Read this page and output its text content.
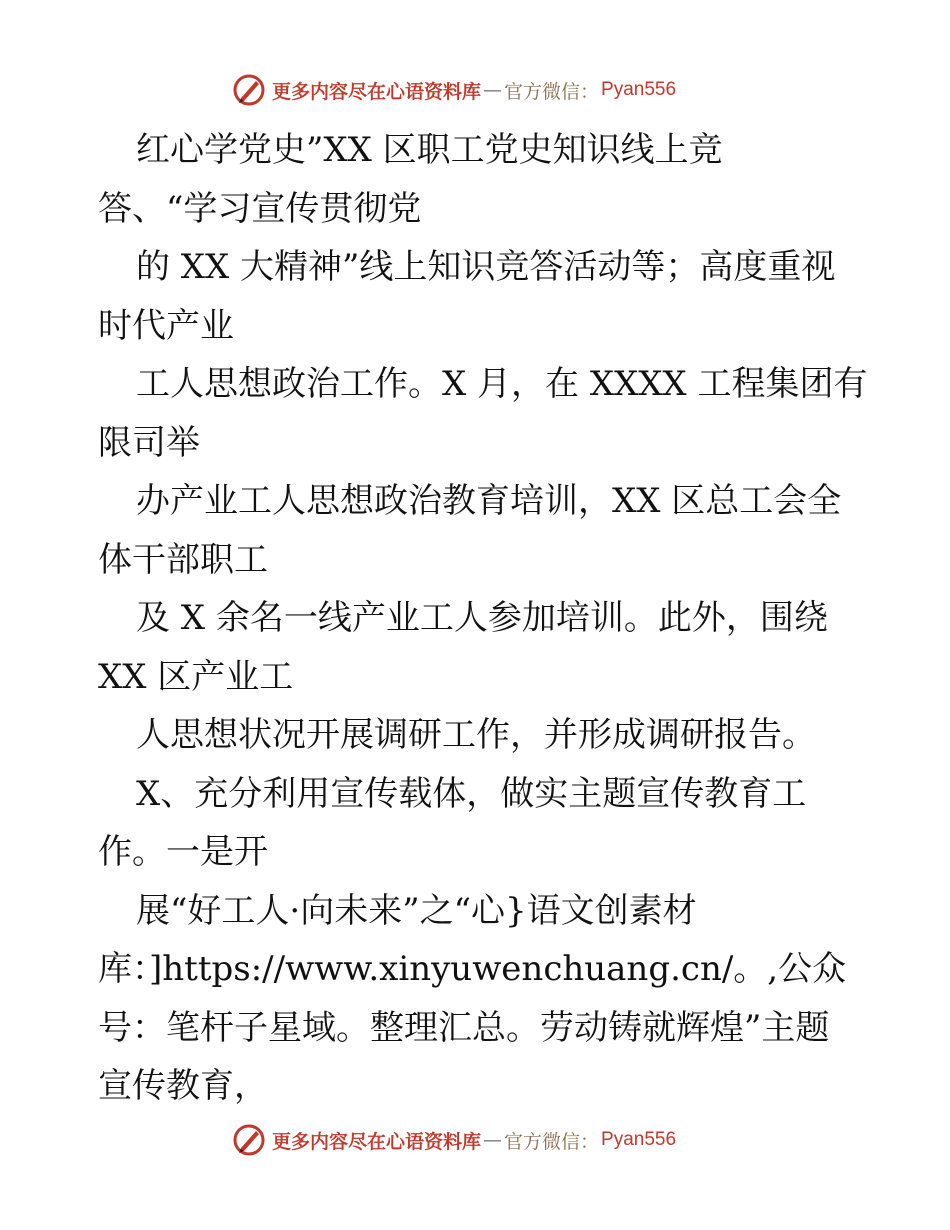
更多内容尽在心语资料库 — 官方微信： Pyan556
红心学党史”XX 区职工党史知识线上竞
答、“学习宣传贯彻党
的 XX 大精神”线上知识竞答活动等；高度重视
时代产业
工人思想政治工作。X 月，在 XXXX 工程集团有
限司举
办产业工人思想政治教育培训，XX 区总工会全
体干部职工
及 X 余名一线产业工人参加培训。此外，围绕
XX 区产业工
人思想状况开展调研工作，并形成调研报告。
X、充分利用宣传载体，做实主题宣传教育工
作。一是开
展“好工人·向未来”之“心}语文创素材
库：]https://www.xinyuwenchuang.cn/。,公众
号：笔杆子星域。整理汇总。劳动铸就辉煌”主题
宣传教育，
更多内容尽在心语资料库 — 官方微信： Pyan556
